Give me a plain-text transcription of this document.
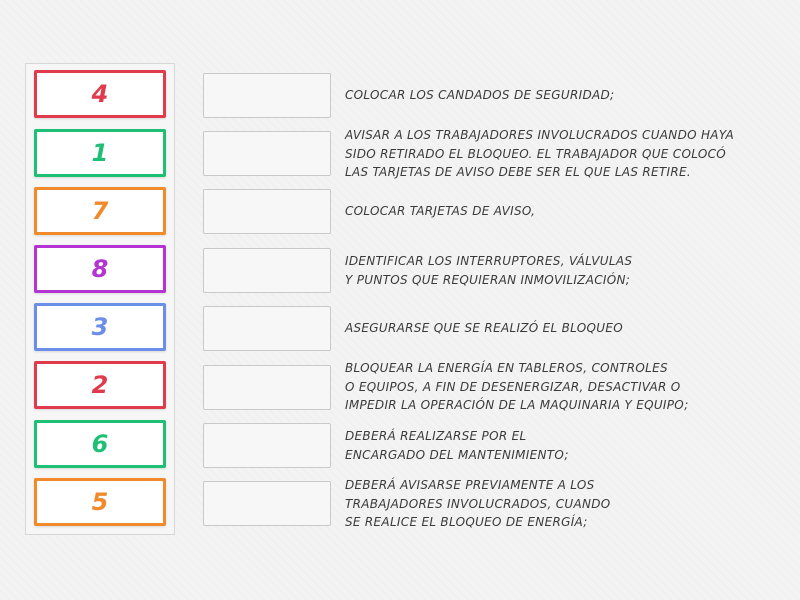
4
1
7
8
3
2
6
5
COLOCAR LOS CANDADOS DE SEGURIDAD;
AVISAR A LOS TRABAJADORES INVOLUCRADOS CUANDO HAYA
SIDO RETIRADO EL BLOQUEO. EL TRABAJADOR QUE COLOCÓ
LAS TARJETAS DE AVISO DEBE SER EL QUE LAS RETIRE.
COLOCAR TARJETAS DE AVISO,
IDENTIFICAR LOS INTERRUPTORES, VÁLVULAS
Y PUNTOS QUE REQUIERAN INMOVILIZACIÓN;
ASEGURARSE QUE SE REALIZÓ EL BLOQUEO
BLOQUEAR LA ENERGÍA EN TABLEROS, CONTROLES
O EQUIPOS, A FIN DE DESENERGIZAR, DESACTIVAR O
IMPEDIR LA OPERACIÓN DE LA MAQUINARIA Y EQUIPO;
DEBERÁ REALIZARSE POR EL
ENCARGADO DEL MANTENIMIENTO;
DEBERÁ AVISARSE PREVIAMENTE A LOS
TRABAJADORES INVOLUCRADOS, CUANDO
SE REALICE EL BLOQUEO DE ENERGÍA;
